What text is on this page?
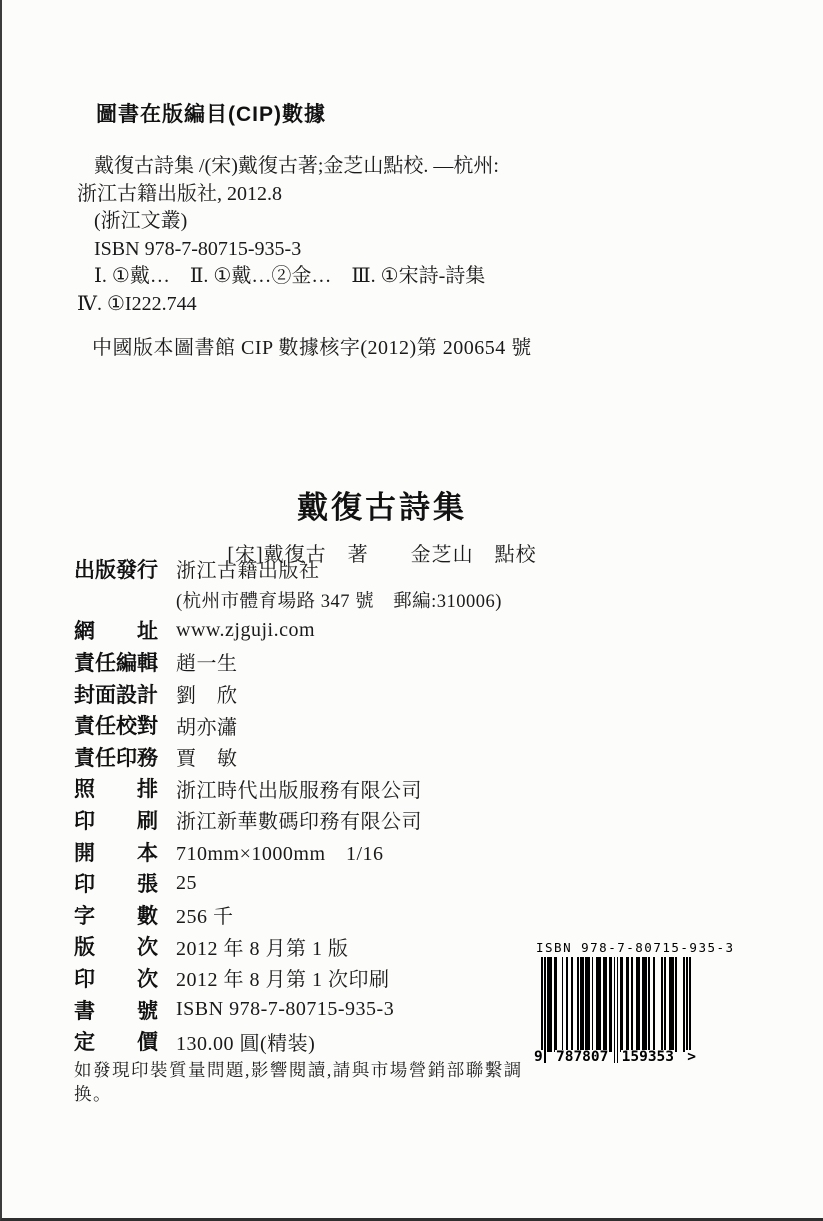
圖書在版編目(CIP)數據

戴復古詩集 /(宋)戴復古著;金芝山點校. —杭州:

浙江古籍出版社, 2012.8

(浙江文叢)

ISBN 978-7-80715-935-3

Ⅰ. ①戴…　Ⅱ. ①戴…②金…　Ⅲ. ①宋詩-詩集

Ⅳ. ①I222.744

中國版本圖書館 CIP 數據核字(2012)第 200654 號

戴復古詩集

[宋]戴復古　著 金芝山　點校

出版發行 浙江古籍出版社
(杭州市體育場路 347 號　郵編:310006)
網　　址 www.zjguji.com
責任編輯 趙一生
封面設計 劉　欣
責任校對 胡亦瀟
責任印務 賈　敏
照　　排 浙江時代出版服務有限公司
印　　刷 浙江新華數碼印務有限公司
開　　本 710mm×1000mm　1/16
印　　張 25
字　　數 256 千
版　　次 2012 年 8 月第 1 版
印　　次 2012 年 8 月第 1 次印刷
書　　號 ISBN 978-7-80715-935-3
定　　價 130.00 圓(精装)
如發現印裝質量問題,影響閱讀,請與市場營銷部聯繫調换。
ISBN 978-7-80715-935-3
9 787807 159353 >
